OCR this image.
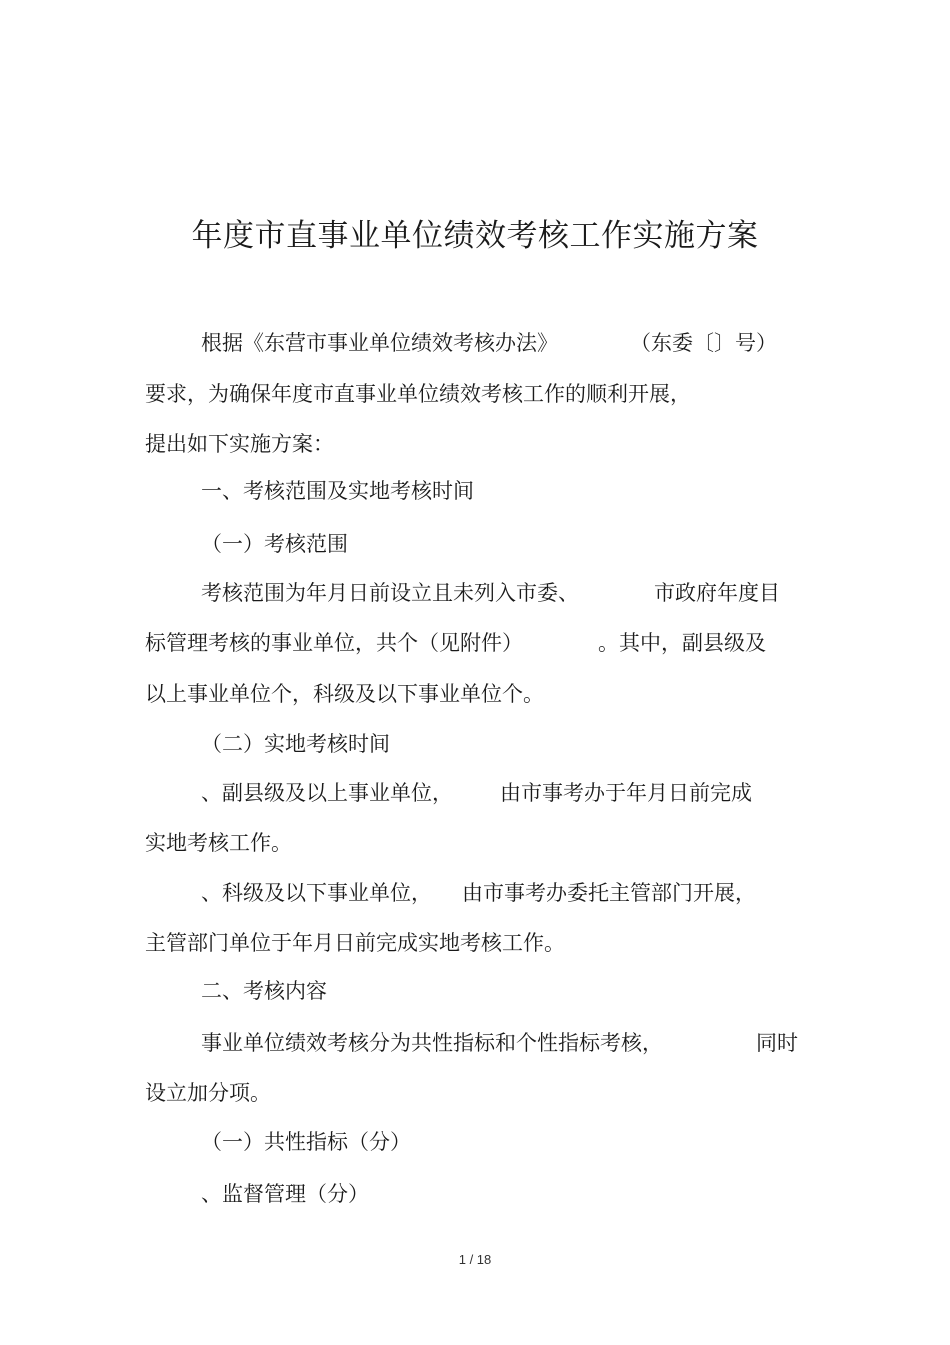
年度市直事业单位绩效考核工作实施方案
根据《东营市事业单位绩效考核办法》	（东委〔〕号）
要求，为确保年度市直事业单位绩效考核工作的顺利开展，
提出如下实施方案：
一、考核范围及实地考核时间
（一）考核范围
考核范围为年月日前设立且未列入市委、	市政府年度目
标管理考核的事业单位，共个（见附件）	。其中，副县级及
以上事业单位个，科级及以下事业单位个。
（二）实地考核时间
、副县级及以上事业单位， 由市事考办于年月日前完成
实地考核工作。
、科级及以下事业单位， 由市事考办委托主管部门开展，
主管部门单位于年月日前完成实地考核工作。
二、考核内容
事业单位绩效考核分为共性指标和个性指标考核，	同时
设立加分项。
（一）共性指标（分）
、监督管理（分）
1 / 18
